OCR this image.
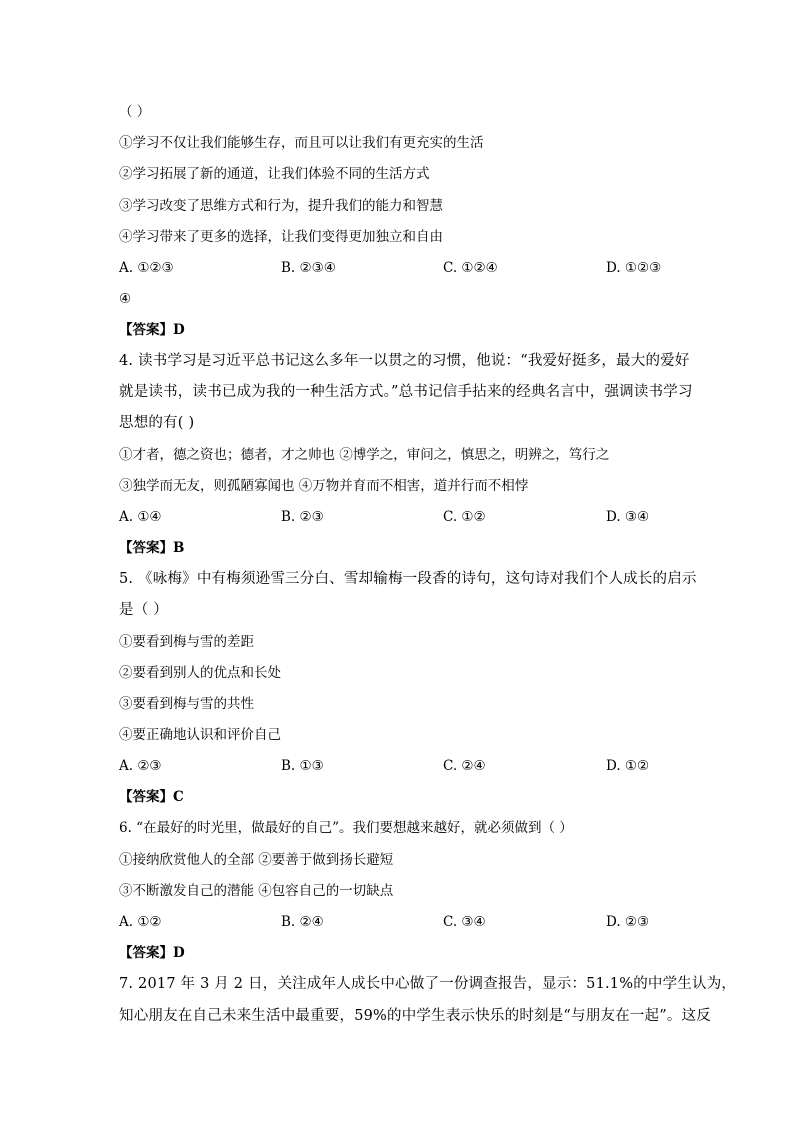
（ ）
①学习不仅让我们能够生存，而且可以让我们有更充实的生活
②学习拓展了新的通道，让我们体验不同的生活方式
③学习改变了思维方式和行为，提升我们的能力和智慧
④学习带来了更多的选择，让我们变得更加独立和自由
A. ①②③	B. ②③④	C. ①②④	D. ①②③
④
【答案】D
4. 读书学习是习近平总书记这么多年一以贯之的习惯，他说：“我爱好挺多，最大的爱好
就是读书，读书已成为我的一种生活方式。”总书记信手拈来的经典名言中，强调读书学习
思想的有( )
①才者，德之资也；德者，才之帅也 ②博学之，审问之，慎思之，明辨之，笃行之
③独学而无友，则孤陋寡闻也 ④万物并育而不相害，道并行而不相悖
A. ①④	B. ②③	C. ①②	D. ③④
【答案】B
5. 《咏梅》中有梅须逊雪三分白、雪却输梅一段香的诗句，这句诗对我们个人成长的启示
是（ ）
①要看到梅与雪的差距
②要看到别人的优点和长处
③要看到梅与雪的共性
④要正确地认识和评价自己
A. ②③	B. ①③	C. ②④	D. ①②
【答案】C
6. “在最好的时光里，做最好的自己”。我们要想越来越好，就必须做到（ ）
①接纳欣赏他人的全部 ②要善于做到扬长避短
③不断激发自己的潜能 ④包容自己的一切缺点
A. ①②	B. ②④	C. ③④	D. ②③
【答案】D
7. 2017 年 3 月 2 日，关注成年人成长中心做了一份调查报告，显示：51.1%的中学生认为，
知心朋友在自己未来生活中最重要，59%的中学生表示快乐的时刻是“与朋友在一起”。这反
